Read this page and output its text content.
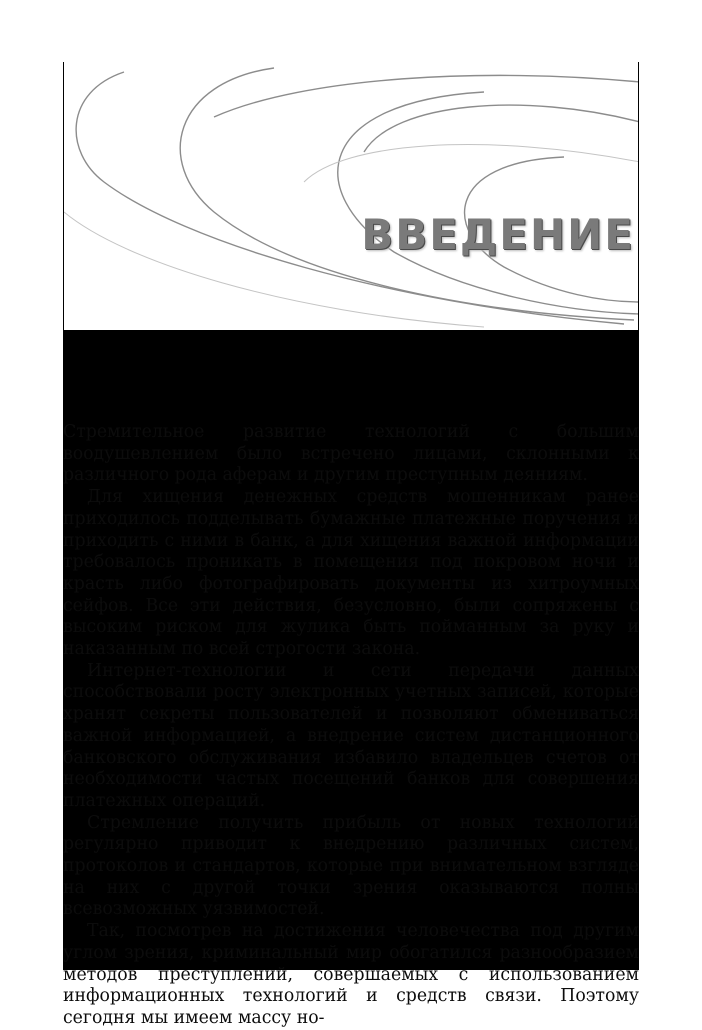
ВВЕДЕНИЕ

Стремительное развитие технологий с большим воодушевлением было встречено лицами, склонными к различного рода аферам и другим преступным деяниям.

Для хищения денежных средств мошенникам ранее приходилось подделывать бумажные платежные поручения и приходить с ними в банк, а для хищения важной информации требовалось проникать в помещения под покровом ночи и красть либо фотографировать документы из хитроумных сейфов. Все эти действия, безусловно, были сопряжены с высоким риском для жулика быть пойманным за руку и наказанным по всей строгости закона.

Интернет-технологии и сети передачи данных способствовали росту электронных учетных записей, которые хранят секреты пользователей и позволяют обмениваться важной информацией, а внедрение систем дистанционного банковского обслуживания избавило владельцев счетов от необходимости частых посещений банков для совершения платежных операций.

Стремление получить прибыль от новых технологий регулярно приводит к внедрению различных систем, протоколов и стандартов, которые при внимательном взгляде на них с другой точки зрения оказываются полны всевозможных уязвимостей.

Так, посмотрев на достижения человечества под другим углом зрения, криминальный мир обогатился разнообразием методов преступлений, совершаемых с использованием информационных технологий и средств связи. Поэтому сегодня мы имеем массу но-
